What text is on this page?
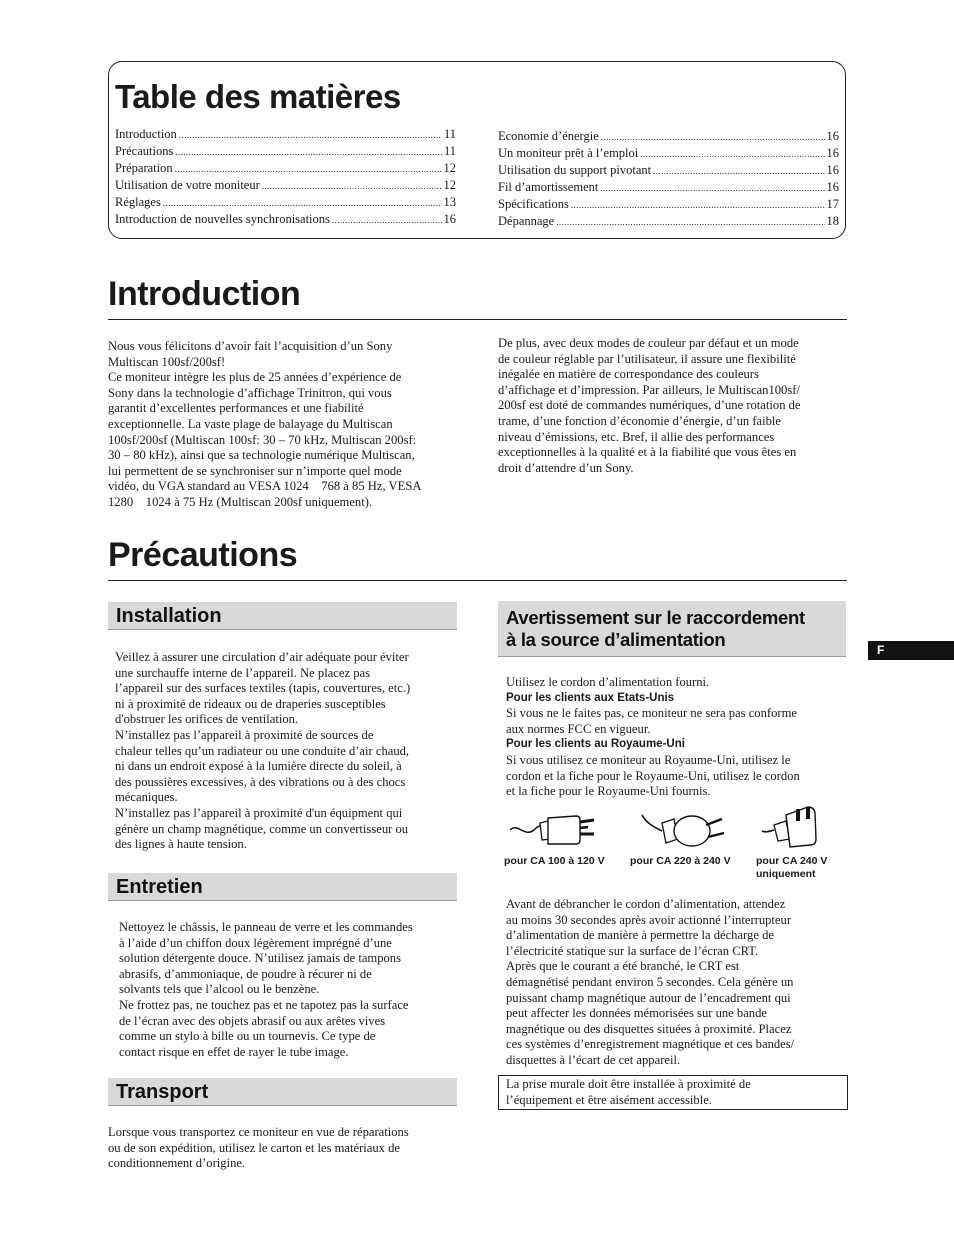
Table des matières
Introduction .....	11
Précautions .....	11
Préparation .....	12
Utilisation de votre moniteur .....	12
Réglages .....	13
Introduction de nouvelles synchronisations .....	16
Economie d’énergie .....	16
Un moniteur prêt à l’emploi .....	16
Utilisation du support pivotant .....	16
Fil d’amortissement .....	16
Spécifications .....	17
Dépannage .....	18
Introduction
Nous vous félicitons d’avoir fait l’acquisition d’un Sony
Multiscan 100sf/200sf!
Ce moniteur intègre les plus de 25 années d’expérience de
Sony dans la technologie d’affichage Trinitron, qui vous
garantit d’excellentes performances et une fiabilité
exceptionnelle. La vaste plage de balayage du Multiscan
100sf/200sf (Multiscan 100sf: 30 – 70 kHz, Multiscan 200sf:
30 – 80 kHz), ainsi que sa technologie numérique Multiscan,
lui permettent de se synchroniser sur n’importe quel mode
vidéo, du VGA standard au VESA 1024    768 à 85 Hz, VESA
1280    1024 à 75 Hz (Multiscan 200sf uniquement).
De plus, avec deux modes de couleur par défaut et un mode
de couleur réglable par l’utilisateur, il assure une flexibilité
inégalée en matière de correspondance des couleurs
d’affichage et d’impression. Par ailleurs, le Multiscan100sf/
200sf est doté de commandes numériques, d’une rotation de
trame, d’une fonction d’économie d’énergie, d’un faible
niveau d’émissions, etc. Bref, il allie des performances
exceptionnelles à la qualité et à la fiabilité que vous êtes en
droit d’attendre d’un Sony.
Précautions
Installation
Veillez à assurer une circulation d’air adéquate pour éviter
une surchauffe interne de l’appareil. Ne placez pas
l’appareil sur des surfaces textiles (tapis, couvertures, etc.)
ni à proximité de rideaux ou de draperies susceptibles
d'obstruer les orifices de ventilation.
N’installez pas l’appareil à proximité de sources de
chaleur telles qu’un radiateur ou une conduite d’air chaud,
ni dans un endroit exposé à la lumière directe du soleil, à
des poussières excessives, à des vibrations ou à des chocs
mécaniques.
N’installez pas l’appareil à proximité d'un équipment qui
génère un champ magnétique, comme un convertisseur ou
des lignes à haute tension.
Entretien
Nettoyez le châssis, le panneau de verre et les commandes
à l’aide d’un chiffon doux légèrement imprégné d’une
solution détergente douce. N’utilisez jamais de tampons
abrasifs, d’ammoniaque, de poudre à récurer ni de
solvants tels que l’alcool ou le benzène.
Ne frottez pas, ne touchez pas et ne tapotez pas la surface
de l’écran avec des objets abrasif ou aux arêtes vives
comme un stylo à bille ou un tournevis. Ce type de
contact risque en effet de rayer le tube image.
Transport
Lorsque vous transportez ce moniteur en vue de réparations
ou de son expédition, utilisez le carton et les matériaux de
conditionnement d’origine.
Avertissement sur le raccordement
à la source d’alimentation
Utilisez le cordon d’alimentation fourni.
Pour les clients aux Etats-Unis
Si vous ne le faites pas, ce moniteur ne sera pas conforme
aux normes FCC en vigueur.
Pour les clients au Royaume-Uni
Si vous utilisez ce moniteur au Royaume-Uni, utilisez le
cordon et la fiche pour le Royaume-Uni, utilisez le cordon
et la fiche pour le Royaume-Uni fournis.
pour CA 100 à 120 V	pour CA 220 à 240 V	pour CA 240 V
uniquement
Avant de débrancher le cordon d’alimentation, attendez
au moins 30 secondes après avoir actionné l’interrupteur
d’alimentation de manière à permettre la décharge de
l’électricité statique sur la surface de l’écran CRT.
Après que le courant a été branché, le CRT est
démagnétisé pendant environ 5 secondes. Cela génère un
puissant champ magnétique autour de l’encadrement qui
peut affecter les données mémorisées sur une bande
magnétique ou des disquettes situées à proximité. Placez
ces systèmes d’enregistrement magnétique et ces bandes/
disquettes à l’écart de cet appareil.
La prise murale doit être installée à proximité de
l’équipement et être aisément accessible.
F
